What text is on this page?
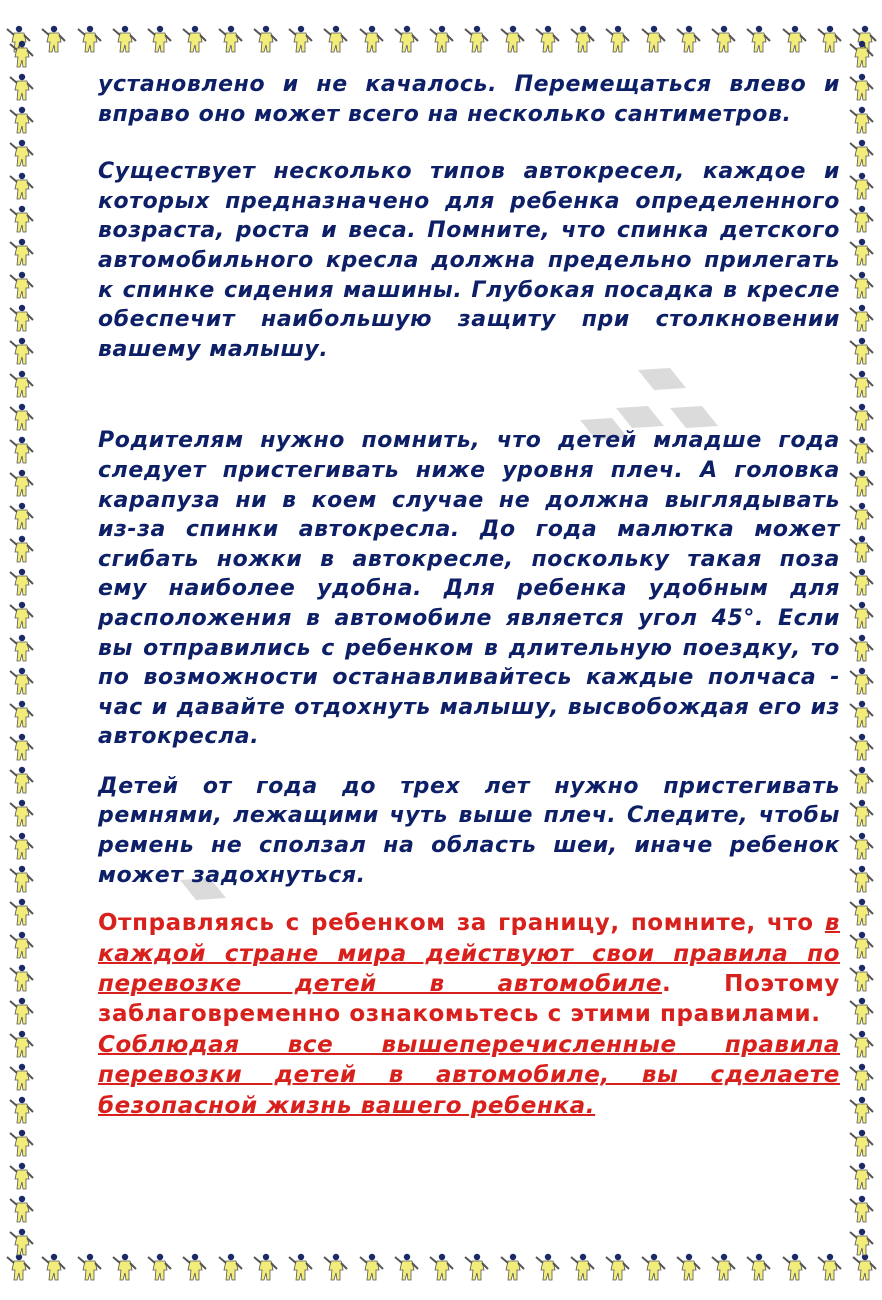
установлено и не качалось. Перемещаться влево и вправо оно может всего на несколько сантиметров.

Существует несколько типов автокресел, каждое и которых предназначено для ребенка определенного возраста, роста и веса. Помните, что спинка детского автомобильного кресла должна предельно прилегать к спинке сидения машины. Глубокая посадка в кресле обеспечит наибольшую защиту при столкновении вашему малышу.

Родителям нужно помнить, что детей младше года следует пристегивать ниже уровня плеч. А головка карапуза ни в коем случае не должна выглядывать из-за спинки автокресла. До года малютка может сгибать ножки в автокресле, поскольку такая поза ему наиболее удобна. Для ребенка удобным для расположения в автомобиле является угол 45°. Если вы отправились с ребенком в длительную поездку, то по возможности останавливайтесь каждые полчаса - час и давайте отдохнуть малышу, высвобождая его из автокресла.

Детей от года до трех лет нужно пристегивать ремнями, лежащими чуть выше плеч. Следите, чтобы ремень не сползал на область шеи, иначе ребенок может задохнуться.

Отправляясь с ребенком за границу, помните, что в каждой стране мира действуют свои правила по перевозке детей в автомобиле. Поэтому заблаговременно ознакомьтесь с этими правилами.

Соблюдая все вышеперечисленные правила перевозки детей в автомобиле, вы сделаете безопасной жизнь вашего ребенка.
